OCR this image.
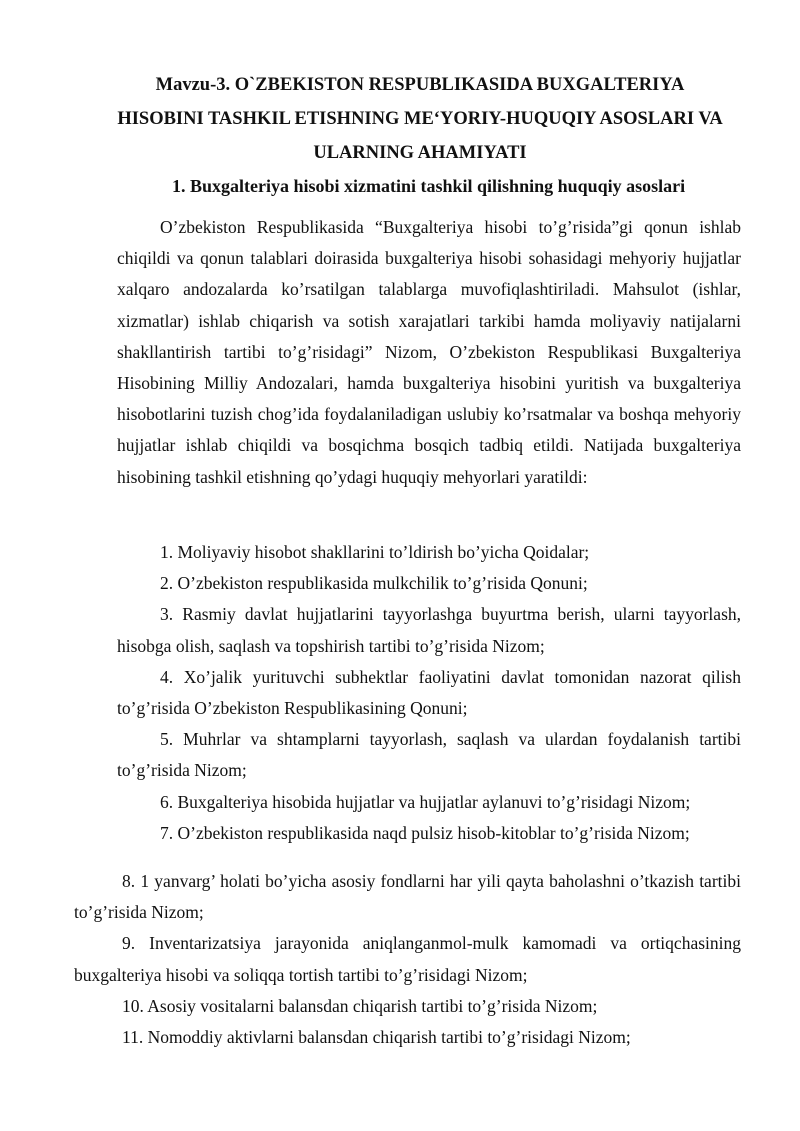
Mavzu-3. O`ZBEKISTON RESPUBLIKASIDA BUXGALTERIYA
HISOBINI TASHKIL ETISHNING ME‘YORIY-HUQUQIY ASOSLARI VA
ULARNING AHAMIYATI
1. Buxgalteriya hisobi xizmatini tashkil qilishning huquqiy asoslari
O’zbekiston Respublikasida “Buxgalteriya hisobi to’g’risida”gi qonun ishlab chiqildi va qonun talablari doirasida buxgalteriya hisobi sohasidagi mehyoriy hujjatlar xalqaro andozalarda ko’rsatilgan talablarga muvofiqlashtiriladi. Mahsulot (ishlar, xizmatlar) ishlab chiqarish va sotish xarajatlari tarkibi hamda moliyaviy natijalarni shakllantirish tartibi to’g’risidagi” Nizom, O’zbekiston Respublikasi Buxgalteriya Hisobining Milliy Andozalari, hamda buxgalteriya hisobini yuritish va buxgalteriya hisobotlarini tuzish chog’ida foydalaniladigan uslubiy ko’rsatmalar va boshqa mehyoriy hujjatlar ishlab chiqildi va bosqichma bosqich tadbiq etildi. Natijada buxgalteriya hisobining tashkil etishning qo’ydagi huquqiy mehyorlari yaratildi:
1. Moliyaviy hisobot shakllarini to’ldirish bo’yicha Qoidalar;
2. O’zbekiston respublikasida mulkchilik to’g’risida Qonuni;
3. Rasmiy davlat hujjatlarini tayyorlashga buyurtma berish, ularni tayyorlash, hisobga olish, saqlash va topshirish tartibi to’g’risida Nizom;
4. Xo’jalik yurituvchi subhektlar faoliyatini davlat tomonidan nazorat qilish to’g’risida O’zbekiston Respublikasining Qonuni;
5. Muhrlar va shtamplarni tayyorlash, saqlash va ulardan foydalanish tartibi to’g’risida Nizom;
6. Buxgalteriya hisobida hujjatlar va hujjatlar aylanuvi to’g’risidagi Nizom;
7. O’zbekiston respublikasida naqd pulsiz hisob-kitoblar to’g’risida Nizom;
8. 1 yanvarg’ holati bo’yicha asosiy fondlarni har yili qayta baholashni o’tkazish tartibi to’g’risida Nizom;
9. Inventarizatsiya jarayonida aniqlanganmol-mulk kamomadi va ortiqchasining buxgalteriya hisobi va soliqqa tortish tartibi to’g’risidagi Nizom;
10. Asosiy vositalarni balansdan chiqarish tartibi to’g’risida Nizom;
11. Nomoddiy aktivlarni balansdan chiqarish tartibi to’g’risidagi Nizom;
